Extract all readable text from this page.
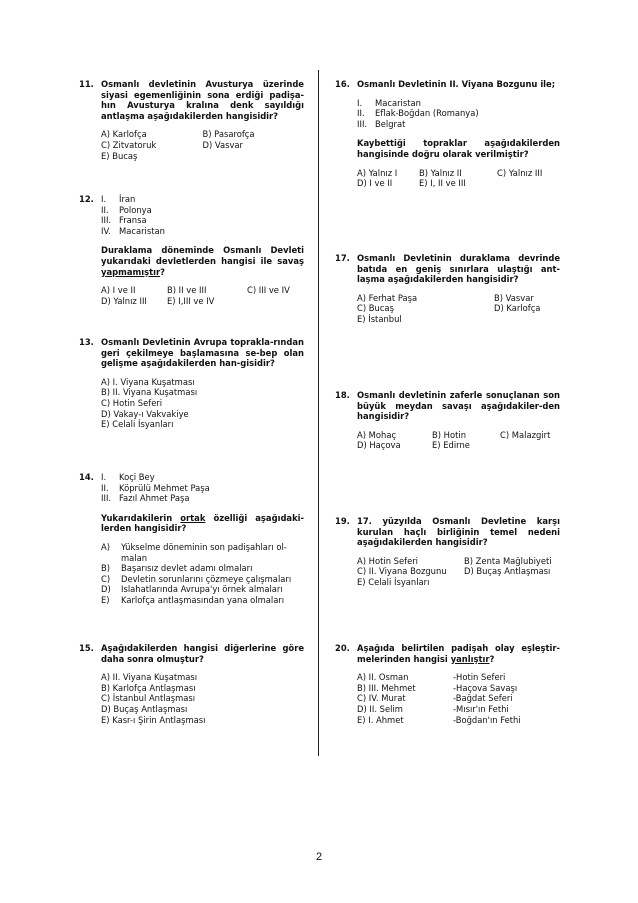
11. Osmanlı devletinin Avusturya üzerinde siyasi egemenliğinin sona erdiği padişa-hın Avusturya kralına denk sayıldığı antlaşma aşağıdakilerden hangisidir?
A) Karlofça	B) Pasarofça
C) Zitvatoruk	D) Vasvar
E) Bucaş
12. I.	İran
II.	Polonya
III. Fransa
IV. Macaristan
Duraklama döneminde Osmanlı Devleti yukarıdaki devletlerden hangisi ile savaş yapmamıştır?
A) I ve II	B) II ve III	C) III ve IV
D) Yalnız III	E) I,III ve IV
13. Osmanlı Devletinin Avrupa toprakla-rından geri çekilmeye başlamasına se-bep olan gelişme aşağıdakilerden han-gisidir?
A) I. Viyana Kuşatması
B) II. Viyana Kuşatması
C) Hotin Seferi
D) Vakay-ı Vakvakiye
E) Celali İsyanları
14. I.	Koçi Bey
II.	Köprülü Mehmet Paşa
III. Fazıl Ahmet Paşa
Yukarıdakilerin ortak özelliği aşağıdaki-lerden hangisidir?
A)	Yükselme döneminin son padişahları ol-malan
B)	Başarısız devlet adamı olmaları
C)	Devletin sorunlarını çözmeye çalışmaları
D)	Islahatlarında Avrupa'yı örnek almaları
E)	Karlofça antlaşmasından yana olmaları
15. Aşağıdakilerden hangisi diğerlerine göre daha sonra olmuştur?
A) II. Viyana Kuşatması
B) Karlofça Antlaşması
C) İstanbul Antlaşması
D) Buçaş Antlaşması
E) Kasr-ı Şirin Antlaşması
16. Osmanlı Devletinin II. Viyana Bozgunu ile;
I.	Macaristan
II.	Eflak-Boğdan (Romanya)
III. Belgrat
Kaybettiği topraklar aşağıdakilerden hangisinde doğru olarak verilmiştir?
A) Yalnız I	B) Yalnız II	C) Yalnız III
D) I ve II	E) I, II ve III
17. Osmanlı Devletinin duraklama devrinde batıda en geniş sınırlara ulaştığı ant-laşma aşağıdakilerden hangisidir?
A) Ferhat Paşa	B) Vasvar
C) Bucaş	D) Karlofça
E) İstanbul
18. Osmanlı devletinin zaferle sonuçlanan son büyük meydan savaşı aşağıdakiler-den hangisidir?
A) Mohaç	B) Hotin	C) Malazgirt
D) Haçova	E) Edirne
19. 17. yüzyılda Osmanlı Devletine karşı kurulan haçlı birliğinin temel nedeni aşağıdakilerden hangisidir?
A) Hotin Seferi	B) Zenta Mağlubiyeti
C) II. Viyana Bozgunu	D) Buçaş Antlaşması
E) Celali İsyanları
20. Aşağıda belirtilen padişah olay eşleştir-melerinden hangisi yanlıştır?
A) II. Osman	-Hotin Seferi
B) III. Mehmet	-Haçova Savaşı
C) IV. Murat	-Bağdat Seferi
D) II. Selim	-Mısır'ın Fethi
E) I. Ahmet	-Boğdan'ın Fethi
2
